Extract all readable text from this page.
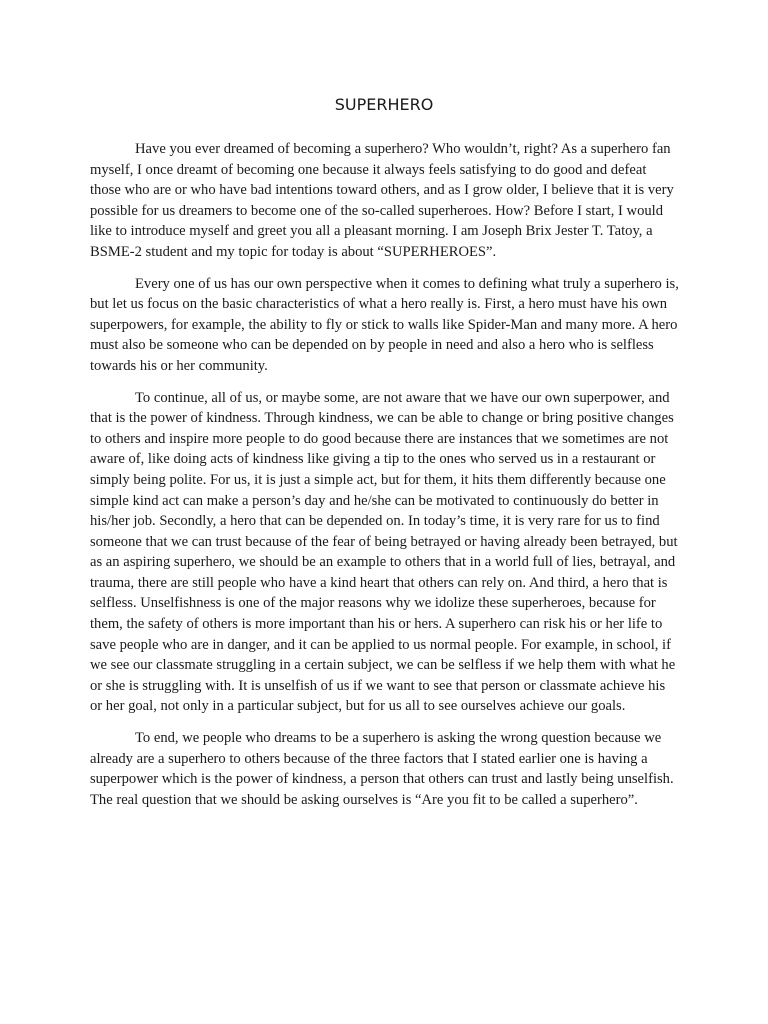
SUPERHERO

Have you ever dreamed of becoming a superhero? Who wouldn’t, right? As a superhero fan myself, I once dreamt of becoming one because it always feels satisfying to do good and defeat those who are or who have bad intentions toward others, and as I grow older, I believe that it is very possible for us dreamers to become one of the so-called superheroes. How? Before I start, I would like to introduce myself and greet you all a pleasant morning. I am Joseph Brix Jester T. Tatoy, a BSME-2 student and my topic for today is about “SUPERHEROES”.

Every one of us has our own perspective when it comes to defining what truly a superhero is, but let us focus on the basic characteristics of what a hero really is. First, a hero must have his own superpowers, for example, the ability to fly or stick to walls like Spider-Man and many more. A hero must also be someone who can be depended on by people in need and also a hero who is selfless towards his or her community.

To continue, all of us, or maybe some, are not aware that we have our own superpower, and that is the power of kindness. Through kindness, we can be able to change or bring positive changes to others and inspire more people to do good because there are instances that we sometimes are not aware of, like doing acts of kindness like giving a tip to the ones who served us in a restaurant or simply being polite. For us, it is just a simple act, but for them, it hits them differently because one simple kind act can make a person’s day and he/she can be motivated to continuously do better in his/her job. Secondly, a hero that can be depended on. In today’s time, it is very rare for us to find someone that we can trust because of the fear of being betrayed or having already been betrayed, but as an aspiring superhero, we should be an example to others that in a world full of lies, betrayal, and trauma, there are still people who have a kind heart that others can rely on. And third, a hero that is selfless. Unselfishness is one of the major reasons why we idolize these superheroes, because for them, the safety of others is more important than his or hers. A superhero can risk his or her life to save people who are in danger, and it can be applied to us normal people. For example, in school, if we see our classmate struggling in a certain subject, we can be selfless if we help them with what he or she is struggling with. It is unselfish of us if we want to see that person or classmate achieve his or her goal, not only in a particular subject, but for us all to see ourselves achieve our goals.

To end, we people who dreams to be a superhero is asking the wrong question because we already are a superhero to others because of the three factors that I stated earlier one is having a superpower which is the power of kindness, a person that others can trust and lastly being unselfish. The real question that we should be asking ourselves is “Are you fit to be called a superhero”.
